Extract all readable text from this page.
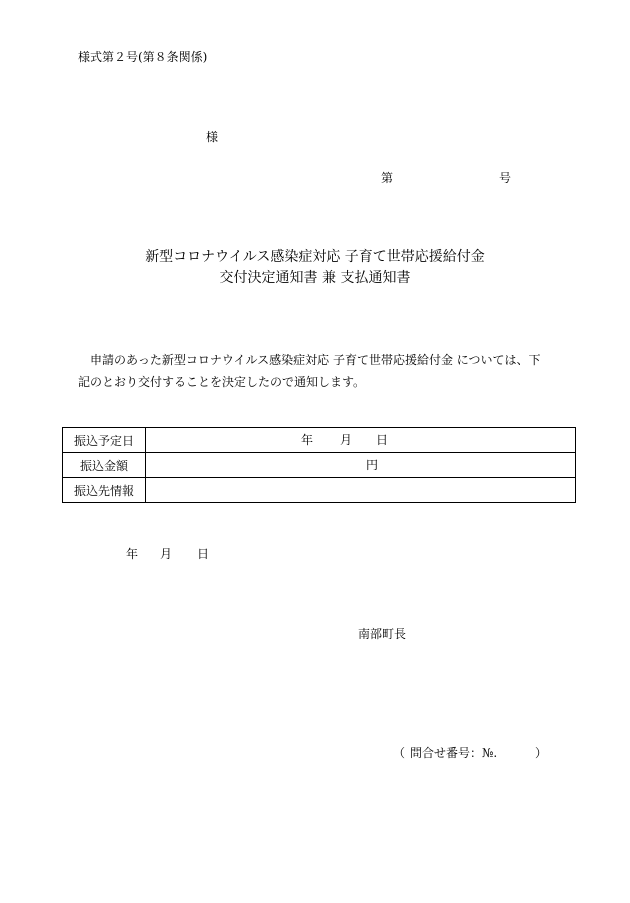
様式第２号(第８条関係)
様
第	号
新型コロナウイルス感染症対応 子育て世帯応援給付金
交付決定通知書 兼 支払通知書
申請のあった新型コロナウイルス感染症対応 子育て世帯応援給付金 については、下
記のとおり交付することを決定したので通知します。
振込予定日	年 月 日

振込金額	円

振込先情報	
年 月 日
南部町長
（ 問合せ番号：№.	）
